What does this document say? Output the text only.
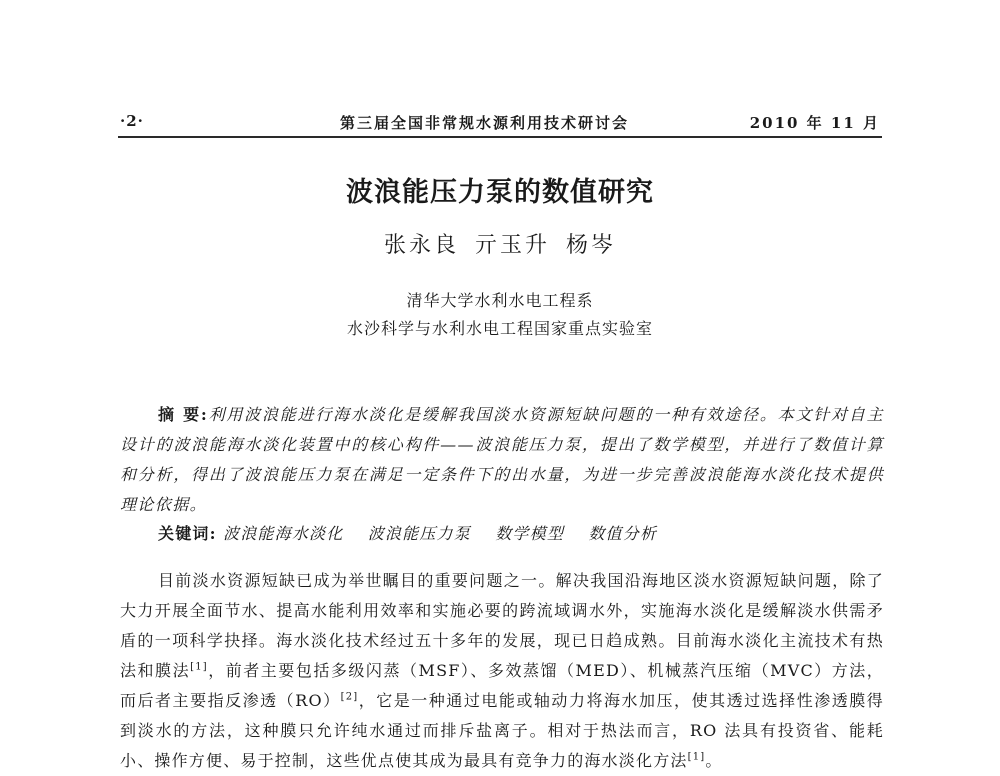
·2·	第三届全国非常规水源利用技术研讨会	2010 年 11 月
波浪能压力泵的数值研究
张永良 亓玉升 杨岑
清华大学水利水电工程系
水沙科学与水利水电工程国家重点实验室
摘 要:利用波浪能进行海水淡化是缓解我国淡水资源短缺问题的一种有效途径。本文针对自主设计的波浪能海水淡化装置中的核心构件——波浪能压力泵，提出了数学模型，并进行了数值计算和分析，得出了波浪能压力泵在满足一定条件下的出水量，为进一步完善波浪能海水淡化技术提供理论依据。
关键词: 波浪能海水淡化 波浪能压力泵 数学模型 数值分析
目前淡水资源短缺已成为举世瞩目的重要问题之一。解决我国沿海地区淡水资源短缺问题，除了大力开展全面节水、提高水能利用效率和实施必要的跨流域调水外，实施海水淡化是缓解淡水供需矛盾的一项科学抉择。海水淡化技术经过五十多年的发展，现已日趋成熟。目前海水淡化主流技术有热法和膜法[1]，前者主要包括多级闪蒸（MSF）、多效蒸馏（MED）、机械蒸汽压缩（MVC）方法，而后者主要指反渗透（RO）[2]，它是一种通过电能或轴动力将海水加压，使其透过选择性渗透膜得到淡水的方法，这种膜只允许纯水通过而排斥盐离子。相对于热法而言，RO 法具有投资省、能耗小、操作方便、易于控制，这些优点使其成为最具有竞争力的海水淡化方法[1]。
